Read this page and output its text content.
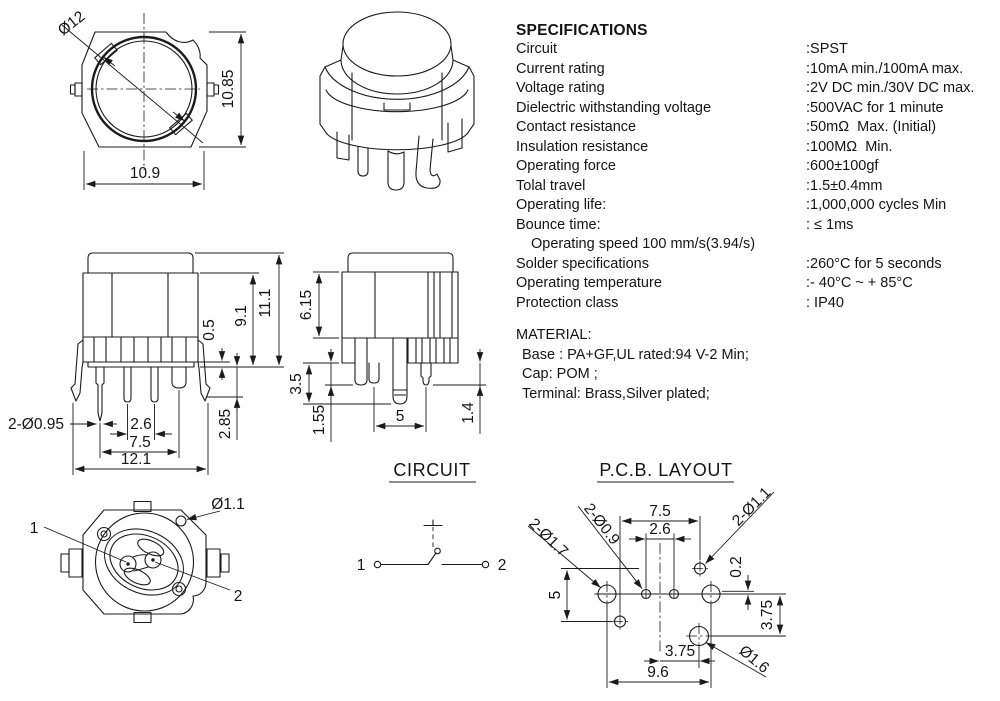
Ø12
10.85
10.9
11.1
9.1
0.5
2.85
2-Ø0.95	2.6
7.5
12.1
6.15
3.5
1.55	1.4
5
1
2
Ø1.1
CIRCUIT
1	2
P.C.B. LAYOUT
7.5
2.6
5
0.2
3.75
3.75
9.6
2-Ø0.9
2-Ø1.7
2-Ø1.1
Ø1.6
SPECIFICATIONS
Circuit	:SPST
Current rating	:10mA min./100mA max.
Voltage rating	:2V DC min./30V DC max.
Dielectric withstanding voltage	:500VAC for 1 minute
Contact resistance	:50mΩ  Max. (Initial)
Insulation resistance	:100MΩ  Min.
Operating force	:600±100gf
Tolal travel	:1.5±0.4mm
Operating life:	:1,000,000 cycles Min
Bounce time:	: ≤ 1ms
Operating speed 100 mm/s(3.94/s)
Solder specifications	:260°C for 5 seconds
Operating temperature	:- 40°C ~ + 85°C
Protection class	: IP40
MATERIAL:
Base : PA+GF,UL rated:94 V-2 Min;
Cap: POM ;
Terminal: Brass,Silver plated;
